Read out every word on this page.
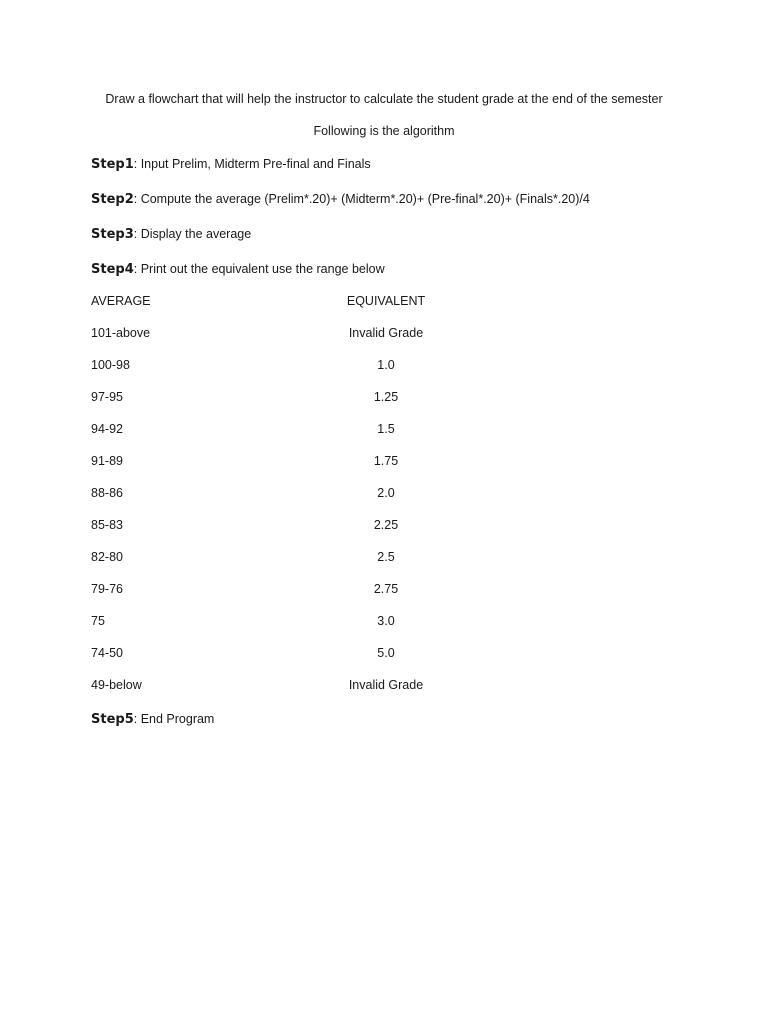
Draw a flowchart that will help the instructor to calculate the student grade at the end of the semester
Following is the algorithm
Step1: Input Prelim, Midterm Pre-final and Finals
Step2: Compute the average (Prelim*.20)+ (Midterm*.20)+ (Pre-final*.20)+ (Finals*.20)/4
Step3: Display the average
Step4: Print out the equivalent use the range below
AVERAGE	EQUIVALENT
101-above	Invalid Grade
100-98	1.0
97-95	1.25
94-92	1.5
91-89	1.75
88-86	2.0
85-83	2.25
82-80	2.5
79-76	2.75
75	3.0
74-50	5.0
49-below	Invalid Grade
Step5: End Program
